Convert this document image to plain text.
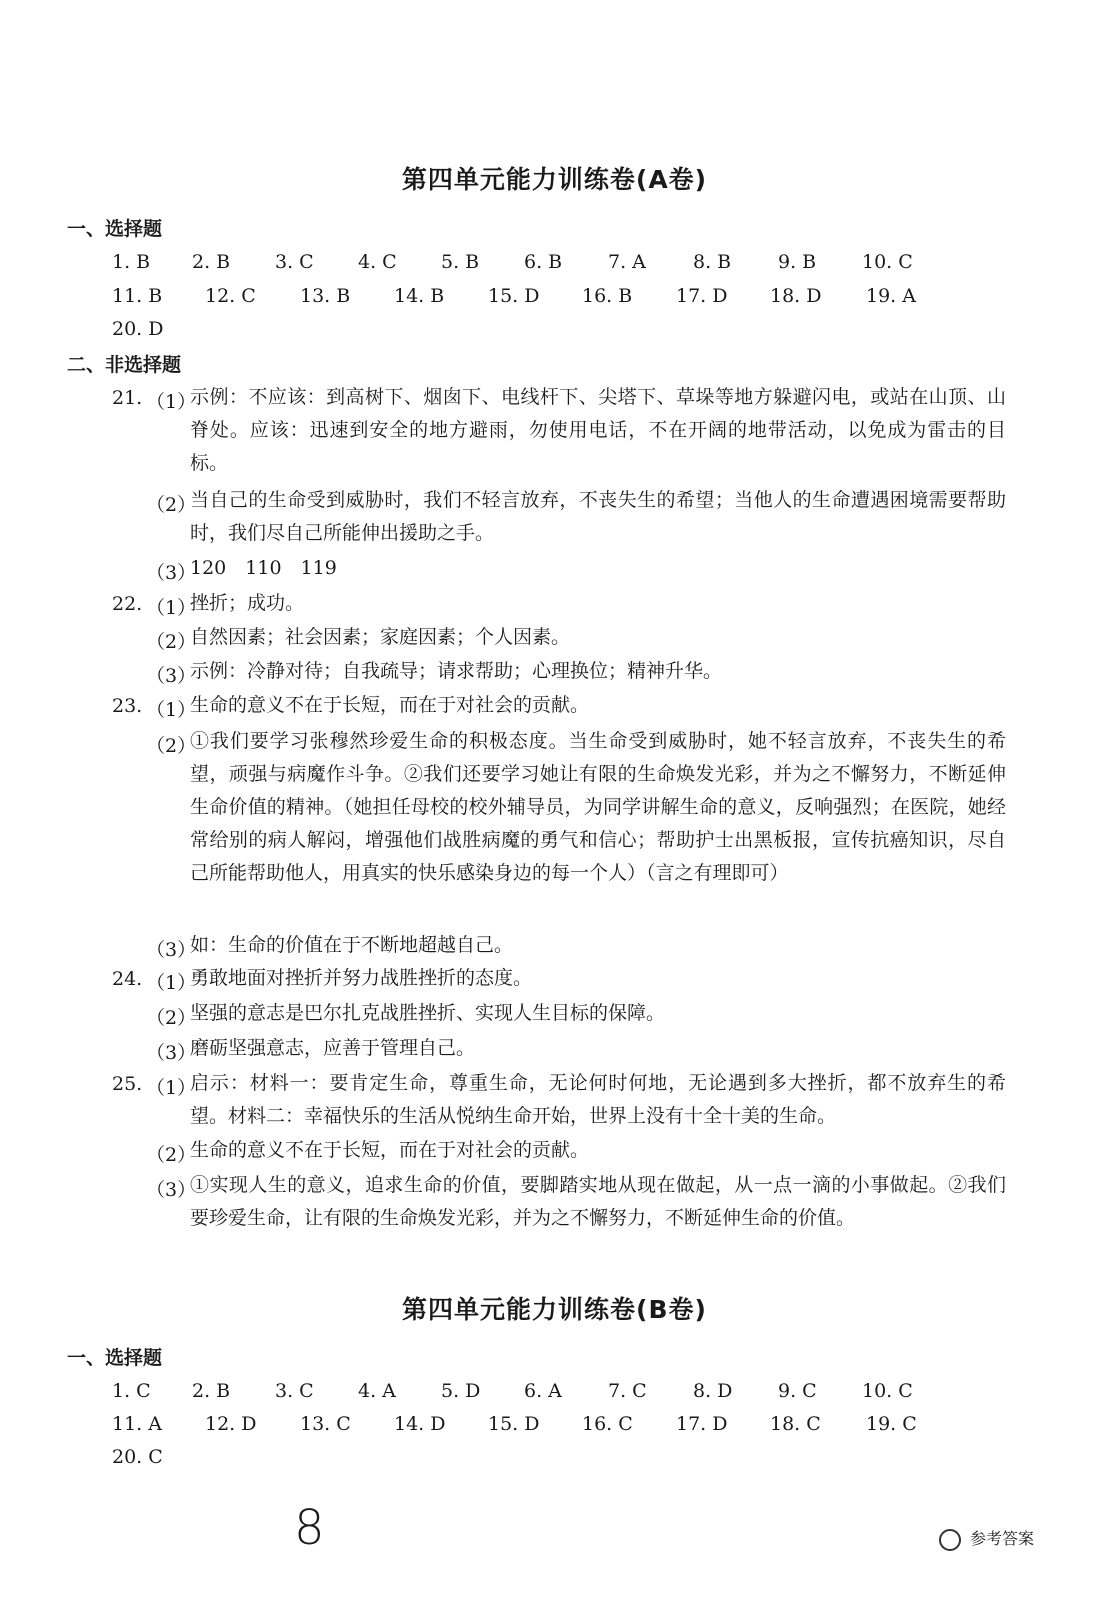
第四单元能力训练卷(A卷)
一、选择题
1. B 2. B 3. C 4. C 5. B 6. B 7. A 8. B 9. B 10. C
11. B 12. C 13. B 14. B 15. D 16. B 17. D 18. D 19. A
20. D
二、非选择题
21. （1）
示例：不应该：到高树下、烟囱下、电线杆下、尖塔下、草垛等地方躲避闪电，或站在山顶、山脊处。应该：迅速到安全的地方避雨，勿使用电话，不在开阔的地带活动，以免成为雷击的目标。
（2）
当自己的生命受到威胁时，我们不轻言放弃，不丧失生的希望；当他人的生命遭遇困境需要帮助时，我们尽自己所能伸出援助之手。
（3）
120　110　119
22. （1）
挫折；成功。
（2）
自然因素；社会因素；家庭因素；个人因素。
（3）
示例：冷静对待；自我疏导；请求帮助；心理换位；精神升华。
23. （1）
生命的意义不在于长短，而在于对社会的贡献。
（2）
①我们要学习张穆然珍爱生命的积极态度。当生命受到威胁时，她不轻言放弃，不丧失生的希望，顽强与病魔作斗争。②我们还要学习她让有限的生命焕发光彩，并为之不懈努力，不断延伸生命价值的精神。（她担任母校的校外辅导员，为同学讲解生命的意义，反响强烈；在医院，她经常给别的病人解闷，增强他们战胜病魔的勇气和信心；帮助护士出黑板报，宣传抗癌知识，尽自己所能帮助他人，用真实的快乐感染身边的每一个人）（言之有理即可）
（3）
如：生命的价值在于不断地超越自己。
24. （1）
勇敢地面对挫折并努力战胜挫折的态度。
（2）
坚强的意志是巴尔扎克战胜挫折、实现人生目标的保障。
（3）
磨砺坚强意志，应善于管理自己。
25. （1）
启示：材料一：要肯定生命，尊重生命，无论何时何地，无论遇到多大挫折，都不放弃生的希望。材料二：幸福快乐的生活从悦纳生命开始，世界上没有十全十美的生命。
（2）
生命的意义不在于长短，而在于对社会的贡献。
（3）
①实现人生的意义，追求生命的价值，要脚踏实地从现在做起，从一点一滴的小事做起。②我们要珍爱生命，让有限的生命焕发光彩，并为之不懈努力，不断延伸生命的价值。
第四单元能力训练卷(B卷)
一、选择题
1. C 2. B 3. C 4. A 5. D 6. A 7. C 8. D 9. C 10. C
11. A 12. D 13. C 14. D 15. D 16. C 17. D 18. C 19. C
20. C
8	参考答案
